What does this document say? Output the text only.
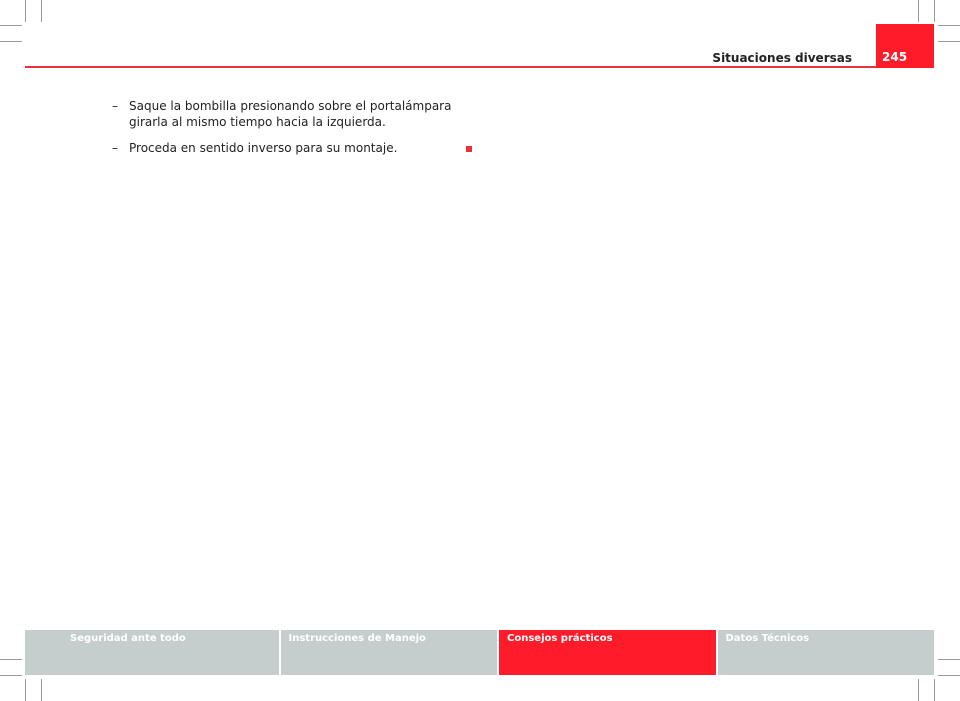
Situaciones diversas	245

– Saque la bombilla presionando sobre el portalámpara girarla al mismo tiempo hacia la izquierda.

– Proceda en sentido inverso para su montaje.

Seguridad ante todo	Instrucciones de Manejo	Consejos prácticos	Datos Técnicos
